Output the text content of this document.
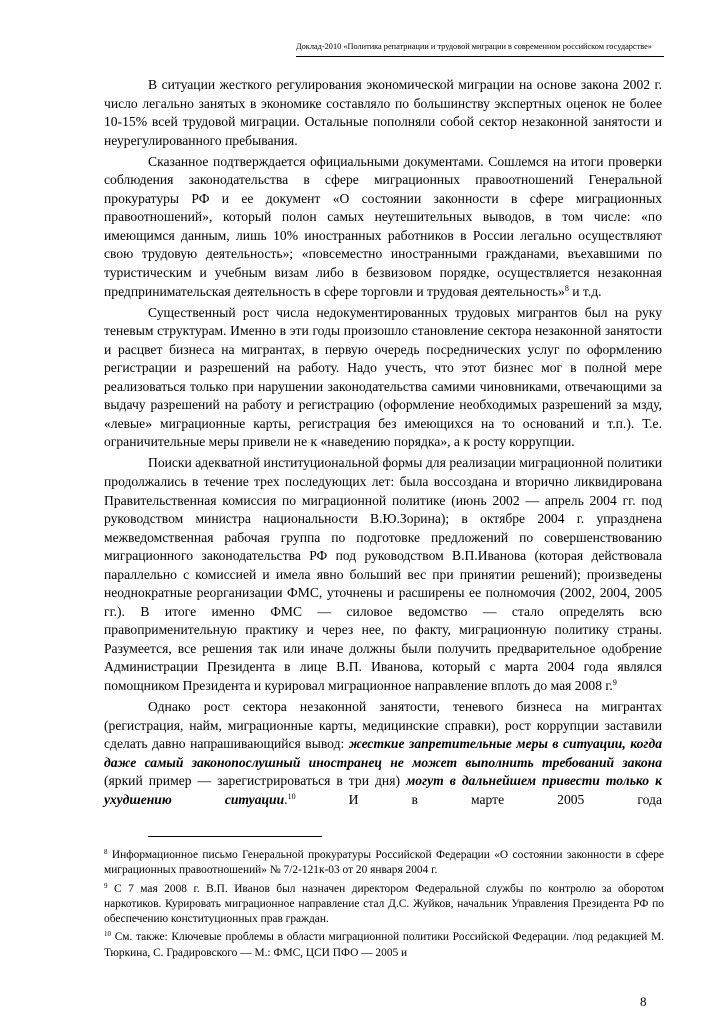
Доклад-2010 «Политика репатриации и трудовой миграции в современном российском государстве»

В ситуации жесткого регулирования экономической миграции на основе закона 2002 г. число легально занятых в экономике составляло по большинству экспертных оценок не более 10-15% всей трудовой миграции. Остальные пополняли собой сектор незаконной занятости и неурегулированного пребывания.

Сказанное подтверждается официальными документами. Сошлемся на итоги проверки соблюдения законодательства в сфере миграционных правоотношений Генеральной прокуратуры РФ и ее документ «О состоянии законности в сфере миграционных правоотношений», который полон самых неутешительных выводов, в том числе: «по имеющимся данным, лишь 10% иностранных работников в России легально осуществляют свою трудовую деятельность»; «повсеместно иностранными гражданами, въехавшими по туристическим и учебным визам либо в безвизовом порядке, осуществляется незаконная предпринимательская деятельность в сфере торговли и трудовая деятельность»$^8$ и т.д.

Существенный рост числа недокументированных трудовых мигрантов был на руку теневым структурам. Именно в эти годы произошло становление сектора незаконной занятости и расцвет бизнеса на мигрантах, в первую очередь посреднических услуг по оформлению регистрации и разрешений на работу. Надо учесть, что этот бизнес мог в полной мере реализоваться только при нарушении законодательства самими чиновниками, отвечающими за выдачу разрешений на работу и регистрацию (оформление необходимых разрешений за мзду, «левые» миграционные карты, регистрация без имеющихся на то оснований и т.п.). Т.е. ограничительные меры привели не к «наведению порядка», а к росту коррупции.

Поиски адекватной институциональной формы для реализации миграционной политики продолжались в течение трех последующих лет: была воссоздана и вторично ликвидирована Правительственная комиссия по миграционной политике (июнь 2002 — апрель 2004 гг. под руководством министра национальности В.Ю.Зорина); в октябре 2004 г. упразднена межведомственная рабочая группа по подготовке предложений по совершенствованию миграционного законодательства РФ под руководством В.П.Иванова (которая действовала параллельно с комиссией и имела явно больший вес при принятии решений); произведены неоднократные реорганизации ФМС, уточнены и расширены ее полномочия (2002, 2004, 2005 гг.). В итоге именно ФМС — силовое ведомство — стало определять всю правоприменительную практику и через нее, по факту, миграционную политику страны. Разумеется, все решения так или иначе должны были получить предварительное одобрение Администрации Президента в лице В.П. Иванова, который с марта 2004 года являлся помощником Президента и курировал миграционное направление вплоть до мая 2008 г.$^9$

Однако рост сектора незаконной занятости, теневого бизнеса на мигрантах (регистрация, найм, миграционные карты, медицинские справки), рост коррупции заставили сделать давно напрашивающийся вывод: жесткие запретительные меры в ситуации, когда даже самый законопослушный иностранец не может выполнить требований закона (яркий пример — зарегистрироваться в три дня) могут в дальнейшем привести только к ухудшению ситуации.$^{10}$ И в марте 2005 года

$^8$ Информационное письмо Генеральной прокуратуры Российской Федерации «О состоянии законности в сфере миграционных правоотношений» № 7/2-121к-03 от 20 января 2004 г.

$^9$ С 7 мая 2008 г. В.П. Иванов был назначен директором Федеральной службы по контролю за оборотом наркотиков. Курировать миграционное направление стал Д.С. Жуйков, начальник Управления Президента РФ по обеспечению конституционных прав граждан.

$^{10}$ См. также: Ключевые проблемы в области миграционной политики Российской Федерации. /под редакцией М. Тюркина, С. Градировского — М.: ФМС, ЦСИ ПФО — 2005 и

8
